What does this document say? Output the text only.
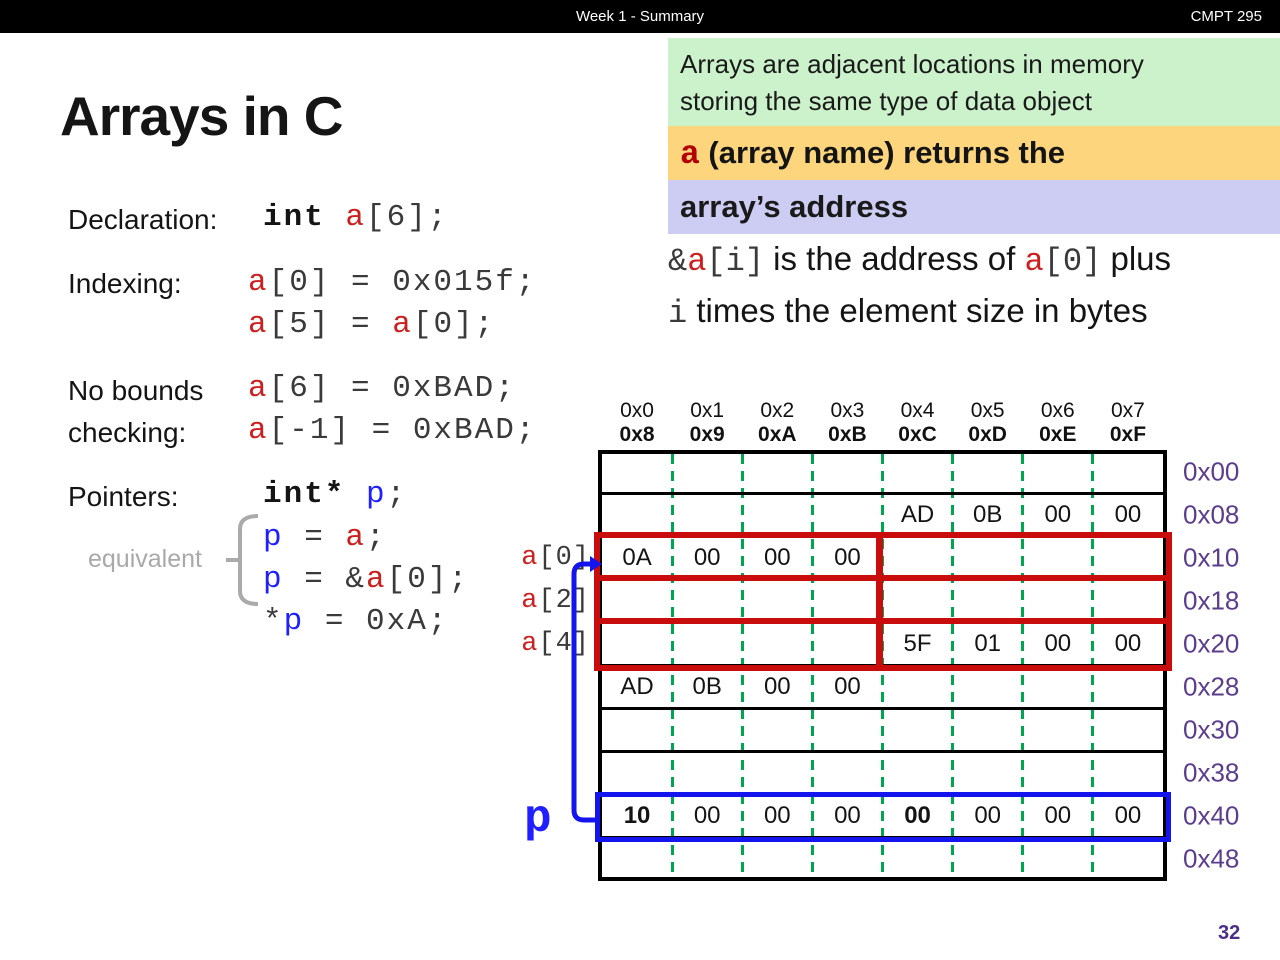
Week 1 - Summary	CMPT 295
Arrays in C
Declaration:
Indexing:
No bounds
checking:
Pointers:
equivalent
int a[6];
a[0] = 0x015f;
a[5] = a[0];
a[6] = 0xBAD;
a[-1] = 0xBAD;
int* p;
p = a;
p = &a[0];
*p = 0xA;
Arrays are adjacent locations in memory
storing the same type of data object
a (array name) returns the
array’s address
&a[i] is the address of a[0] plus
i times the element size in bytes
a[4]
a[2]
a[0]
00
00
00
00
00
00
00
10
00
00
0B
AD
00
00
01
5F
00
00
00
0A
00
00
0B
AD
0x48
0x40
0x38
0x30
0x28
0x20
0x18
0x10
0x08
0x00
0xF
0xE
0xD
0xC
0xB
0xA
0x9
0x8
0x7
0x6
0x5
0x4
0x3
0x2
0x1
0x0
p
32
